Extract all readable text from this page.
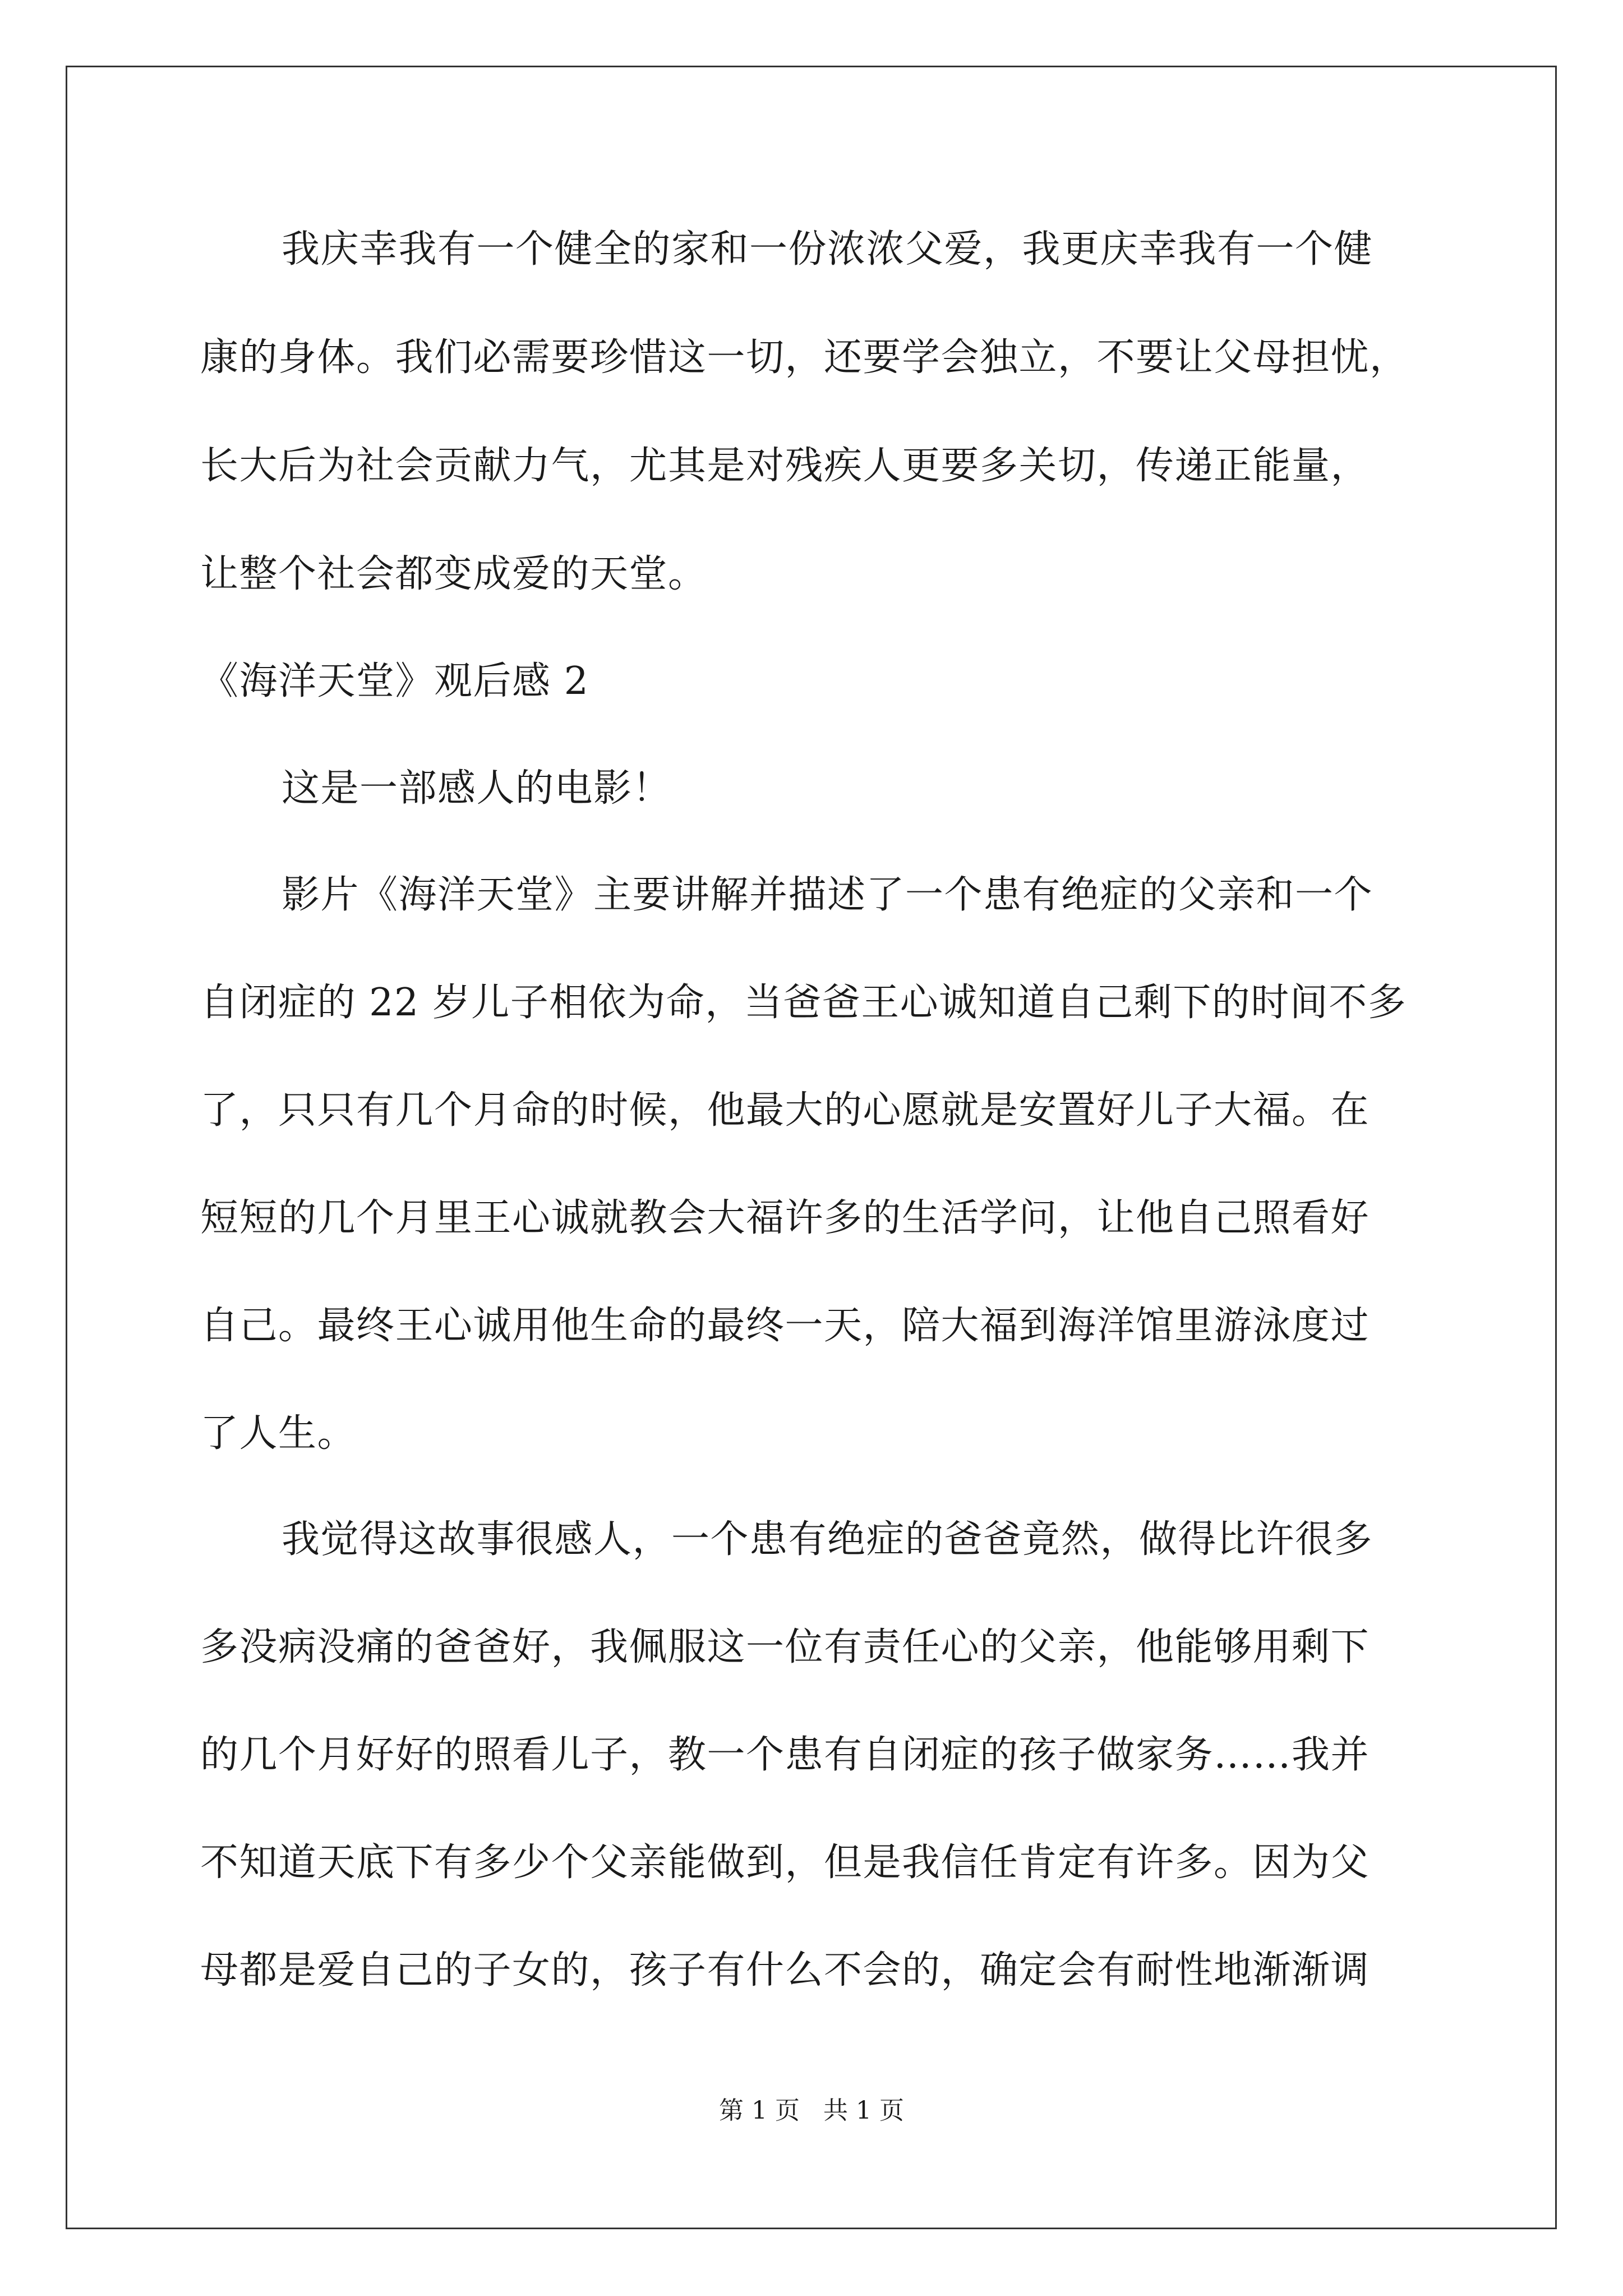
我庆幸我有一个健全的家和一份浓浓父爱，我更庆幸我有一个健
康的身体。我们必需要珍惜这一切，还要学会独立，不要让父母担忧，
长大后为社会贡献力气，尤其是对残疾人更要多关切，传递正能量，
让整个社会都变成爱的天堂。
《海洋天堂》观后感 2
这是一部感人的电影！
影片《海洋天堂》主要讲解并描述了一个患有绝症的父亲和一个
自闭症的 22 岁儿子相依为命，当爸爸王心诚知道自己剩下的时间不多
了，只只有几个月命的时候，他最大的心愿就是安置好儿子大福。在
短短的几个月里王心诚就教会大福许多的生活学问，让他自己照看好
自己。最终王心诚用他生命的最终一天，陪大福到海洋馆里游泳度过
了人生。
我觉得这故事很感人，一个患有绝症的爸爸竟然，做得比许很多
多没病没痛的爸爸好，我佩服这一位有责任心的父亲，他能够用剩下
的几个月好好的照看儿子，教一个患有自闭症的孩子做家务……我并
不知道天底下有多少个父亲能做到，但是我信任肯定有许多。因为父
母都是爱自己的子女的，孩子有什么不会的，确定会有耐性地渐渐调
第 1 页   共 1 页
